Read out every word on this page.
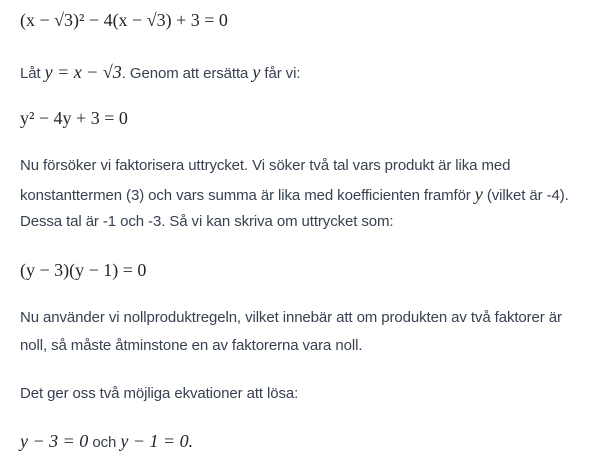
(x − √3)² − 4(x − √3) + 3 = 0
Låt y = x − √3. Genom att ersätta y får vi:
y² − 4y + 3 = 0
Nu försöker vi faktorisera uttrycket. Vi söker två tal vars produkt är lika med
konstanttermen (3) och vars summa är lika med koefficienten framför y (vilket är -4).
Dessa tal är -1 och -3. Så vi kan skriva om uttrycket som:
(y − 3)(y − 1) = 0
Nu använder vi nollproduktregeln, vilket innebär att om produkten av två faktorer är
noll, så måste åtminstone en av faktorerna vara noll.
Det ger oss två möjliga ekvationer att lösa:
y − 3 = 0 och y − 1 = 0.
